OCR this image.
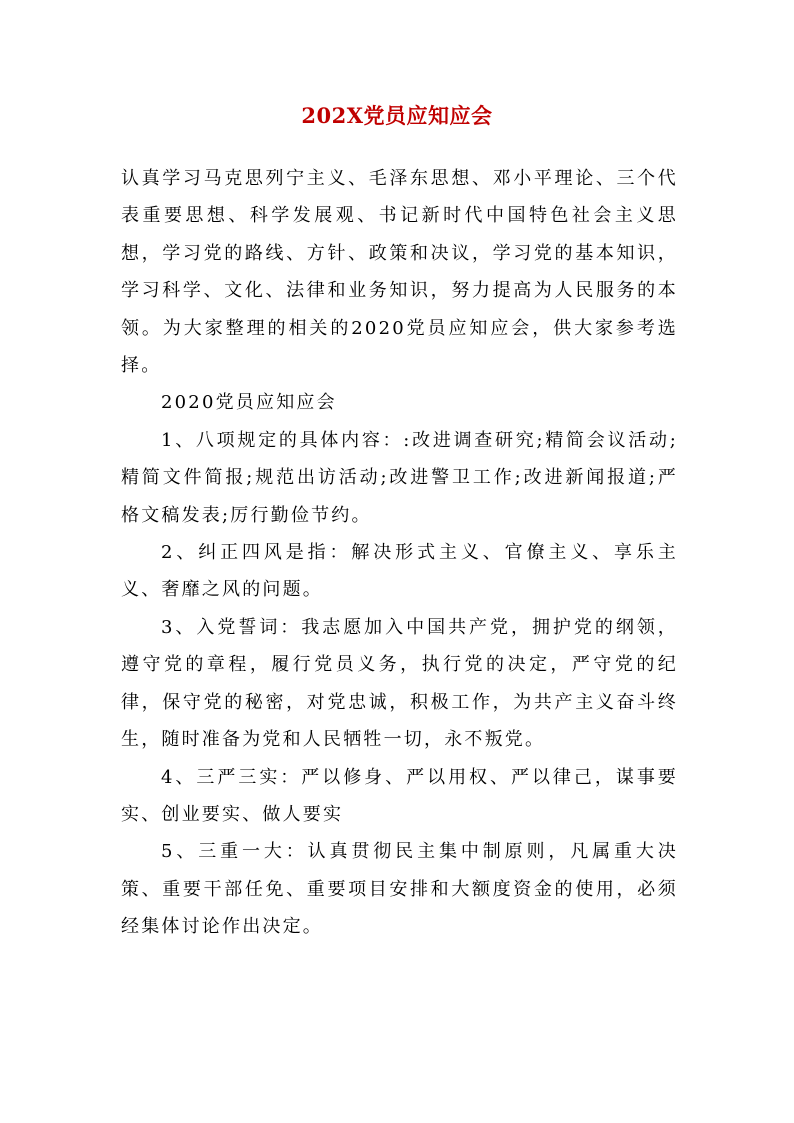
202X党员应知应会

认真学习马克思列宁主义、毛泽东思想、邓小平理论、三个代表重要思想、科学发展观、书记新时代中国特色社会主义思想，学习党的路线、方针、政策和决议，学习党的基本知识，学习科学、文化、法律和业务知识，努力提高为人民服务的本领。为大家整理的相关的2020党员应知应会，供大家参考选择。

2020党员应知应会

1、八项规定的具体内容：:改进调查研究;精简会议活动;精简文件简报;规范出访活动;改进警卫工作;改进新闻报道;严格文稿发表;厉行勤俭节约。

2、纠正四风是指：解决形式主义、官僚主义、享乐主义、奢靡之风的问题。

3、入党誓词：我志愿加入中国共产党，拥护党的纲领，遵守党的章程，履行党员义务，执行党的决定，严守党的纪律，保守党的秘密，对党忠诚，积极工作，为共产主义奋斗终生，随时准备为党和人民牺牲一切，永不叛党。

4、三严三实：严以修身、严以用权、严以律己，谋事要实、创业要实、做人要实

5、三重一大：认真贯彻民主集中制原则，凡属重大决策、重要干部任免、重要项目安排和大额度资金的使用，必须经集体讨论作出决定。
